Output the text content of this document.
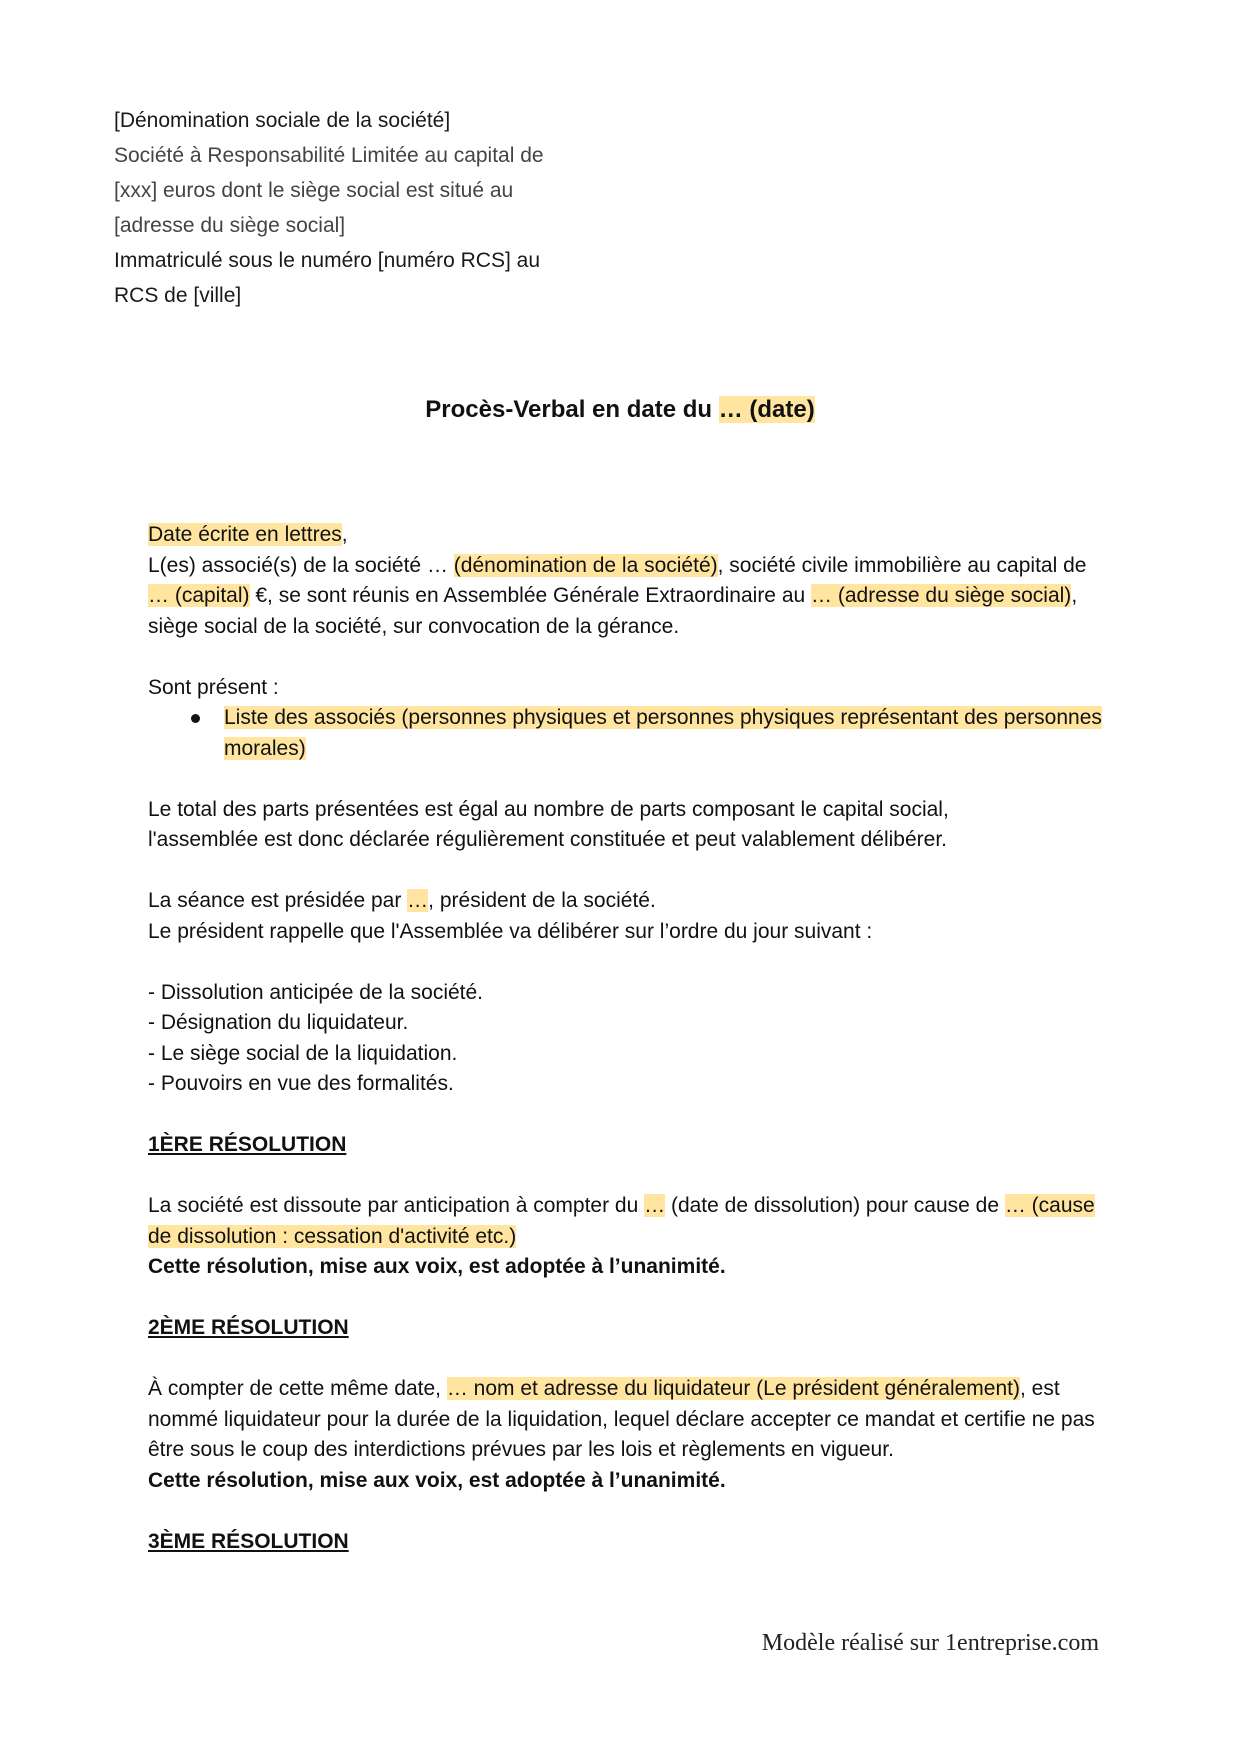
[Dénomination sociale de la société]
Société à Responsabilité Limitée au capital de
[xxx] euros dont le siège social est situé au
[adresse du siège social]
Immatriculé sous le numéro [numéro RCS] au
RCS de [ville]
Procès-Verbal en date du … (date)

Date écrite en lettres,

L(es) associé(s) de la société … (dénomination de la société), société civile immobilière au capital de … (capital) €, se sont réunis en Assemblée Générale Extraordinaire au … (adresse du siège social), siège social de la société, sur convocation de la gérance.

Sont présent :

Liste des associés (personnes physiques et personnes physiques représentant des personnes morales)

Le total des parts présentées est égal au nombre de parts composant le capital social,

l'assemblée est donc déclarée régulièrement constituée et peut valablement délibérer.

La séance est présidée par …, président de la société.

Le président rappelle que l'Assemblée va délibérer sur l’ordre du jour suivant :

- Dissolution anticipée de la société.

- Désignation du liquidateur.

- Le siège social de la liquidation.

- Pouvoirs en vue des formalités.

1ÈRE RÉSOLUTION

La société est dissoute par anticipation à compter du … (date de dissolution) pour cause de … (cause de dissolution : cessation d'activité etc.)

Cette résolution, mise aux voix, est adoptée à l’unanimité.

2ÈME RÉSOLUTION

À compter de cette même date, … nom et adresse du liquidateur (Le président généralement), est nommé liquidateur pour la durée de la liquidation, lequel déclare accepter ce mandat et certifie ne pas être sous le coup des interdictions prévues par les lois et règlements en vigueur.

Cette résolution, mise aux voix, est adoptée à l’unanimité.

3ÈME RÉSOLUTION

Modèle réalisé sur 1entreprise.com
